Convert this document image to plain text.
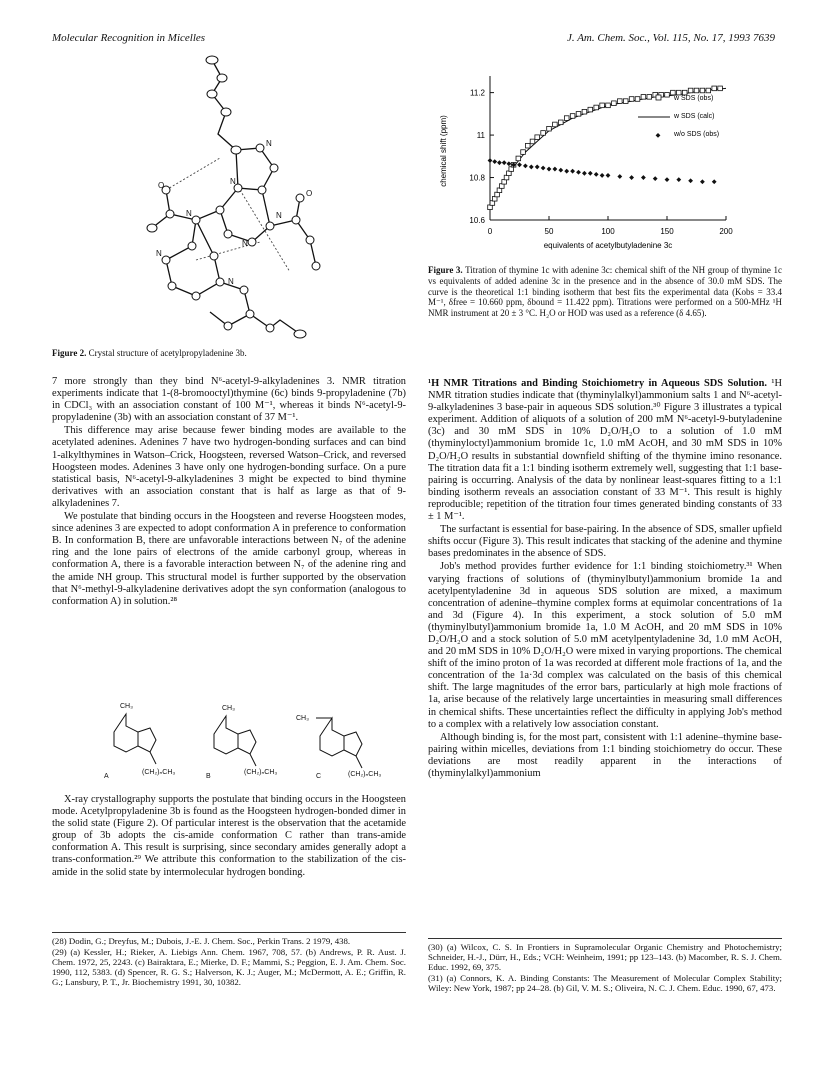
Molecular Recognition in Micelles	J. Am. Chem. Soc., Vol. 115, No. 17, 1993 7639
N
N
N
N	N
N
N
O
O
Figure 2. Crystal structure of acetylpropyladenine 3b.
0	50	100	150	200
10.6
10.8
11
11.2
equivalents of acetylbutyladenine 3c
chemical shift (ppm)
w SDS (obs)
w SDS (calc)
w/o SDS (obs)
Figure 3. Titration of thymine 1c with adenine 3c: chemical shift of the NH group of thymine 1c vs equivalents of added adenine 3c in the presence and in the absence of 30.0 mM SDS. The curve is the theoretical 1:1 binding isotherm that best fits the experimental data (Kobs = 33.4 M⁻¹, δfree = 10.660 ppm, δbound = 11.422 ppm). Titrations were performed on a 500-MHz ¹H NMR instrument at 20 ± 3 °C. H₂O or HOD was used as a reference (δ 4.65).

7 more strongly than they bind N⁶-acetyl-9-alkyladenines 3. NMR titration experiments indicate that 1-(8-bromooctyl)thymine (6c) binds 9-propyladenine (7b) in CDCl₃ with an association constant of 100 M⁻¹, whereas it binds N⁶-acetyl-9-propyladenine (3b) with an association constant of 37 M⁻¹.

This difference may arise because fewer binding modes are available to the acetylated adenines. Adenines 7 have two hydrogen-bonding surfaces and can bind 1-alkylthymines in Watson–Crick, Hoogsteen, reversed Watson–Crick, and reversed Hoogsteen modes. Adenines 3 have only one hydrogen-bonding surface. On a pure statistical basis, N⁶-acetyl-9-alkyladenines 3 might be expected to bind thymine derivatives with an association constant that is half as large as that of 9-alkyladenines 7.

We postulate that binding occurs in the Hoogsteen and reverse Hoogsteen modes, since adenines 3 are expected to adopt conformation A in preference to conformation B. In conformation B, there are unfavorable interactions between N₇ of the adenine ring and the lone pairs of electrons of the amide carbonyl group, whereas in conformation A, there is a favorable interaction between N₇ of the adenine ring and the amide NH group. This structural model is further supported by the observation that N⁶-methyl-9-alkyladenine derivatives adopt the syn conformation (analogous to conformation A) in solution.²⁸

CH₃	CH₃
CH₃
(CH₂)ₙCH₃	(CH₂)ₙCH₃	(CH₂)ₙCH₃
A	B	C

X-ray crystallography supports the postulate that binding occurs in the Hoogsteen mode. Acetylpropyladenine 3b is found as the Hoogsteen hydrogen-bonded dimer in the solid state (Figure 2). Of particular interest is the observation that the acetamide group of 3b adopts the cis-amide conformation C rather than trans-amide conformation A. This result is surprising, since secondary amides generally adopt a trans-conformation.²⁹ We attribute this conformation to the stabilization of the cis-amide in the solid state by intermolecular hydrogen bonding.

¹H NMR Titrations and Binding Stoichiometry in Aqueous SDS Solution. ¹H NMR titration studies indicate that (thyminylalkyl)ammonium salts 1 and N⁶-acetyl-9-alkyladenines 3 base-pair in aqueous SDS solution.³⁰ Figure 3 illustrates a typical experiment. Addition of aliquots of a solution of 200 mM N⁶-acetyl-9-butyladenine (3c) and 30 mM SDS in 10% D₂O/H₂O to a solution of 1.0 mM (thyminyloctyl)ammonium bromide 1c, 1.0 mM AcOH, and 30 mM SDS in 10% D₂O/H₂O results in substantial downfield shifting of the thymine imino resonance. The titration data fit a 1:1 binding isotherm extremely well, suggesting that 1:1 base-pairing is occurring. Analysis of the data by nonlinear least-squares fitting to a 1:1 binding isotherm reveals an association constant of 33 M⁻¹. This result is highly reproducible; repetition of the titration four times generated binding constants of 33 ± 1 M⁻¹.

The surfactant is essential for base-pairing. In the absence of SDS, smaller upfield shifts occur (Figure 3). This result indicates that stacking of the adenine and thymine bases predominates in the absence of SDS.

Job's method provides further evidence for 1:1 binding stoichiometry.³¹ When varying fractions of solutions of (thyminylbutyl)ammonium bromide 1a and acetylpentyladenine 3d in aqueous SDS solution are mixed, a maximum concentration of adenine–thymine complex forms at equimolar concentrations of 1a and 3d (Figure 4). In this experiment, a stock solution of 5.0 mM (thyminylbutyl)ammonium bromide 1a, 1.0 M AcOH, and 20 mM SDS in 10% D₂O/H₂O and a stock solution of 5.0 mM acetylpentyladenine 3d, 1.0 mM AcOH, and 20 mM SDS in 10% D₂O/H₂O were mixed in varying proportions. The chemical shift of the imino proton of 1a was recorded at different mole fractions of 1a, and the concentration of the 1a·3d complex was calculated on the basis of this chemical shift. The large magnitudes of the error bars, particularly at high mole fractions of 1a, arise because of the relatively large uncertainties in measuring small differences in chemical shifts. These uncertainties reflect the difficulty in applying Job's method to a complex with a relatively low association constant.

Although binding is, for the most part, consistent with 1:1 adenine–thymine base-pairing within micelles, deviations from 1:1 binding stoichiometry do occur. These deviations are most readily apparent in the interactions of (thyminylalkyl)ammonium

(28) Dodin, G.; Dreyfus, M.; Dubois, J.-E. J. Chem. Soc., Perkin Trans. 2 1979, 438.

(29) (a) Kessler, H.; Rieker, A. Liebigs Ann. Chem. 1967, 708, 57. (b) Andrews, P. R. Aust. J. Chem. 1972, 25, 2243. (c) Bairaktara, E.; Mierke, D. F.; Mammi, S.; Peggion, E. J. Am. Chem. Soc. 1990, 112, 5383. (d) Spencer, R. G. S.; Halverson, K. J.; Auger, M.; McDermott, A. E.; Griffin, R. G.; Lansbury, P. T., Jr. Biochemistry 1991, 30, 10382.

(30) (a) Wilcox, C. S. In Frontiers in Supramolecular Organic Chemistry and Photochemistry; Schneider, H.-J., Dürr, H., Eds.; VCH: Weinheim, 1991; pp 123–143. (b) Macomber, R. S. J. Chem. Educ. 1992, 69, 375.

(31) (a) Connors, K. A. Binding Constants: The Measurement of Molecular Complex Stability; Wiley: New York, 1987; pp 24–28. (b) Gil, V. M. S.; Oliveira, N. C. J. Chem. Educ. 1990, 67, 473.
